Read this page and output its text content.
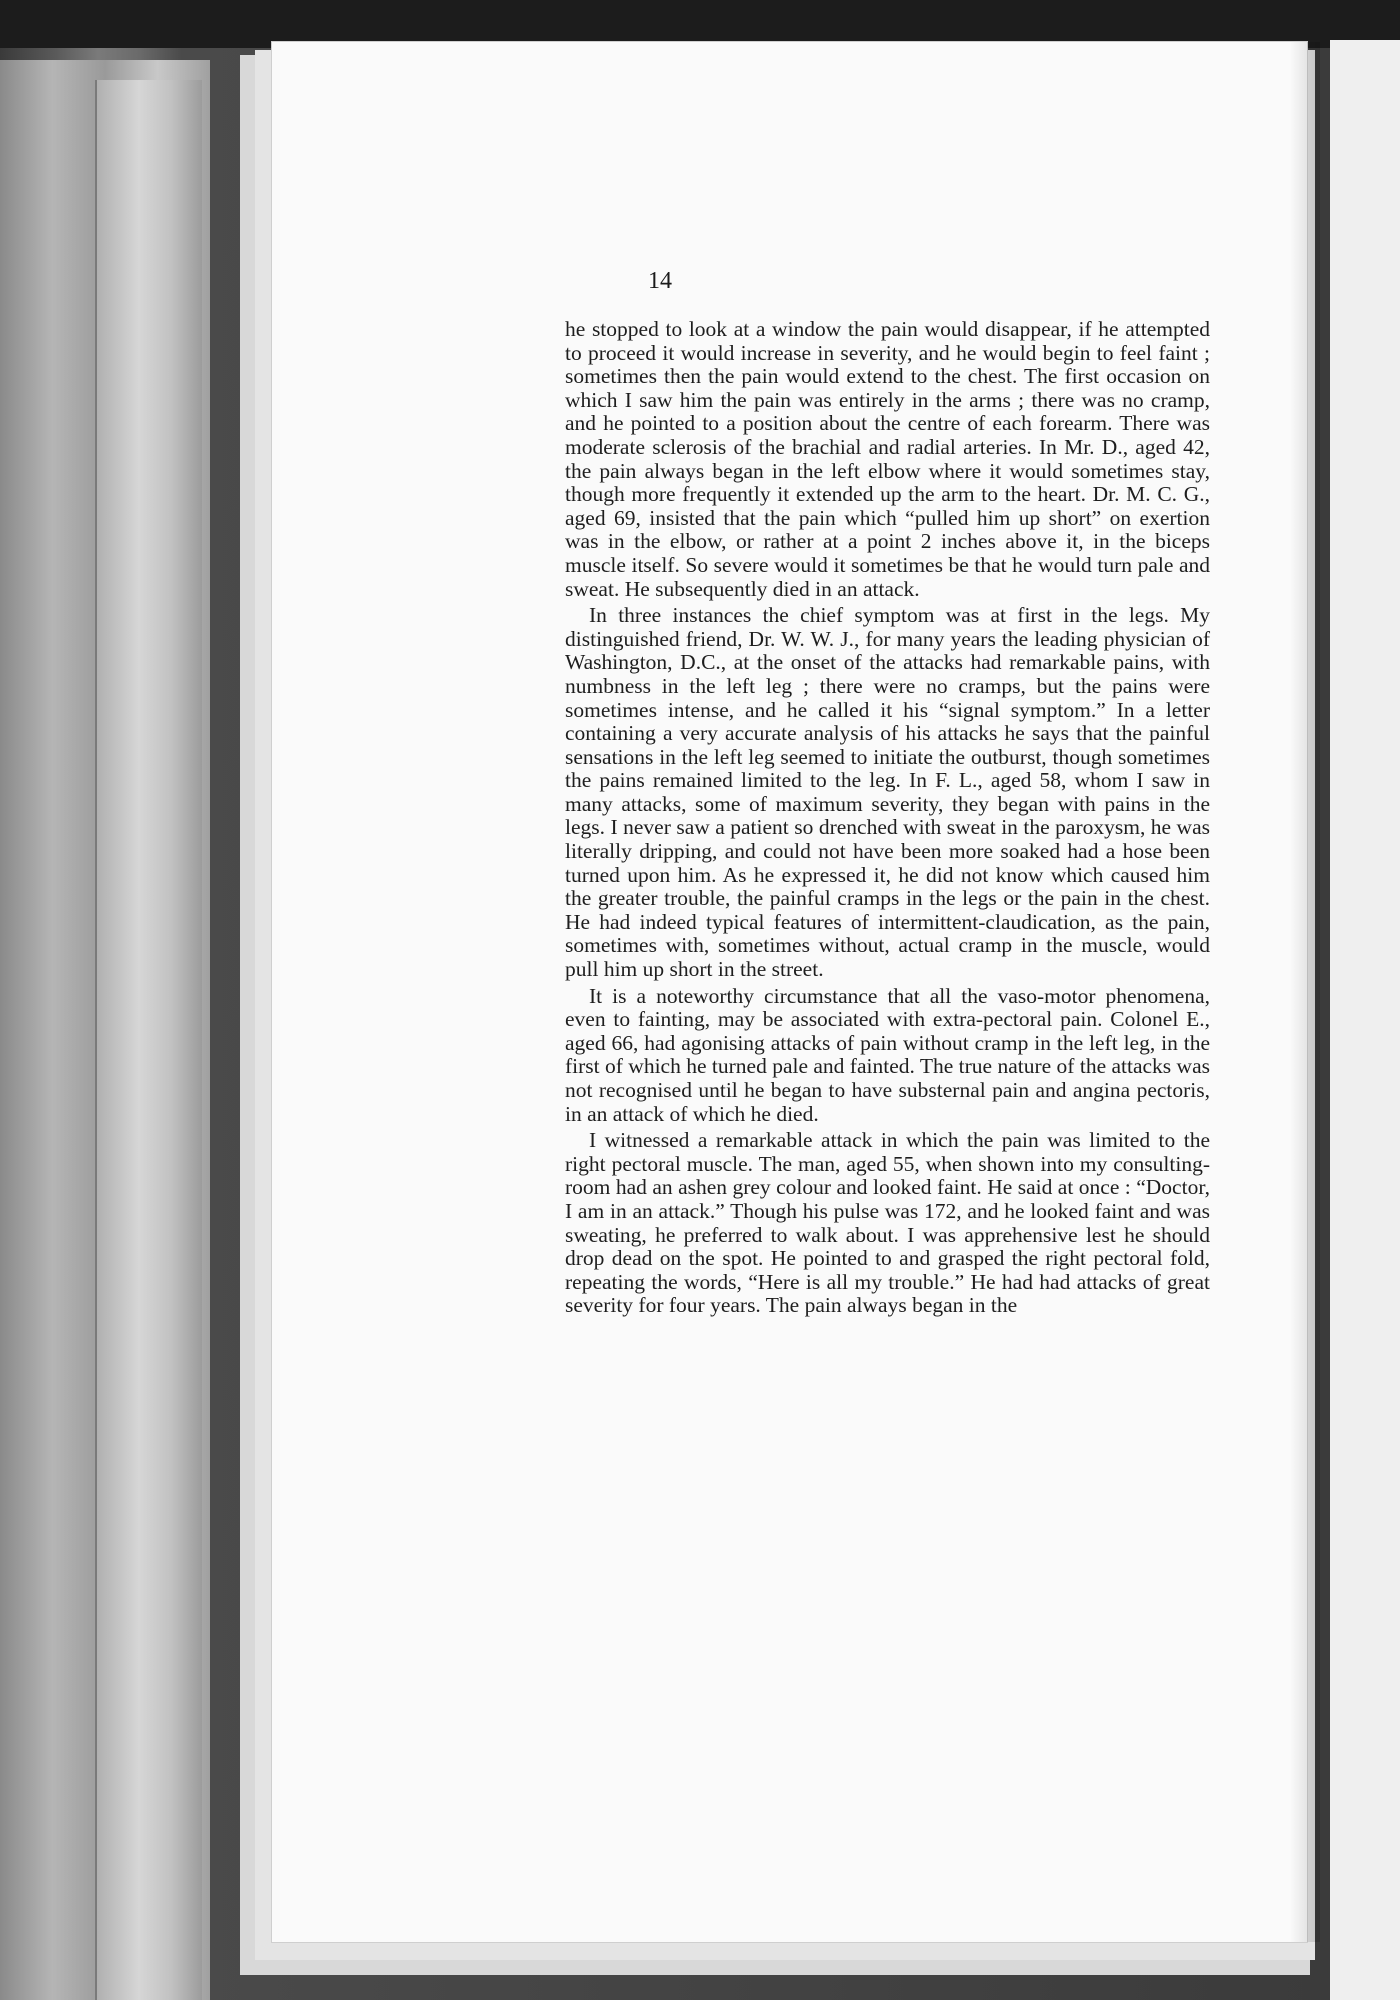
14

he stopped to look at a window the pain would disappear, if he attempted to proceed it would increase in severity, and he would begin to feel faint ; sometimes then the pain would extend to the chest. The first occasion on which I saw him the pain was entirely in the arms ; there was no cramp, and he pointed to a position about the centre of each forearm. There was moderate sclerosis of the brachial and radial arteries. In Mr. D., aged 42, the pain always began in the left elbow where it would sometimes stay, though more frequently it extended up the arm to the heart. Dr. M. C. G., aged 69, insisted that the pain which “pulled him up short” on exertion was in the elbow, or rather at a point 2 inches above it, in the biceps muscle itself. So severe would it sometimes be that he would turn pale and sweat. He subsequently died in an attack.

In three instances the chief symptom was at first in the legs. My distinguished friend, Dr. W. W. J., for many years the leading physician of Washington, D.C., at the onset of the attacks had remarkable pains, with numbness in the left leg ; there were no cramps, but the pains were sometimes intense, and he called it his “signal symptom.” In a letter containing a very accurate analysis of his attacks he says that the painful sensations in the left leg seemed to initiate the outburst, though sometimes the pains remained limited to the leg. In F. L., aged 58, whom I saw in many attacks, some of maximum severity, they began with pains in the legs. I never saw a patient so drenched with sweat in the paroxysm, he was literally dripping, and could not have been more soaked had a hose been turned upon him. As he expressed it, he did not know which caused him the greater trouble, the painful cramps in the legs or the pain in the chest. He had indeed typical features of intermittent-claudication, as the pain, sometimes with, sometimes without, actual cramp in the muscle, would pull him up short in the street.

It is a noteworthy circumstance that all the vaso-motor phenomena, even to fainting, may be associated with extra-pectoral pain. Colonel E., aged 66, had agonising attacks of pain without cramp in the left leg, in the first of which he turned pale and fainted. The true nature of the attacks was not recognised until he began to have substernal pain and angina pectoris, in an attack of which he died.

I witnessed a remarkable attack in which the pain was limited to the right pectoral muscle. The man, aged 55, when shown into my consulting-room had an ashen grey colour and looked faint. He said at once : “Doctor, I am in an attack.” Though his pulse was 172, and he looked faint and was sweating, he preferred to walk about. I was apprehensive lest he should drop dead on the spot. He pointed to and grasped the right pectoral fold, repeating the words, “Here is all my trouble.” He had had attacks of great severity for four years. The pain always began in the
